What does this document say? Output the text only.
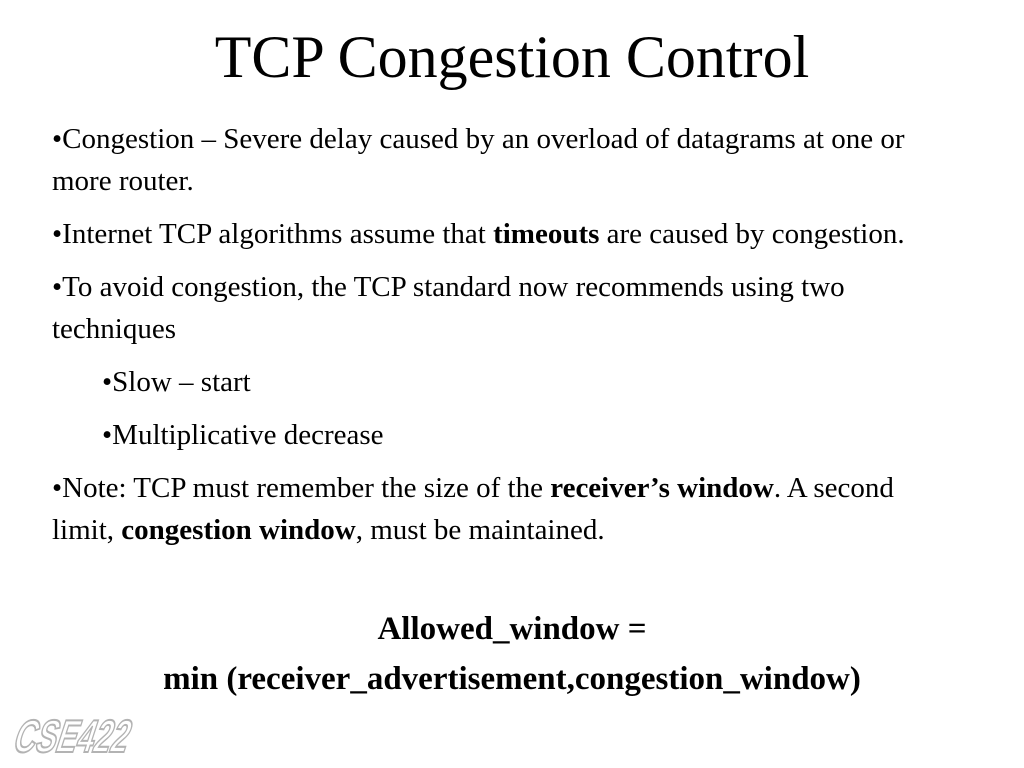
TCP Congestion Control

•Congestion – Severe delay caused by an overload of datagrams at one or more router.

•Internet TCP algorithms assume that timeouts are caused by congestion.

•To avoid congestion, the TCP standard now recommends using two techniques

•Slow – start

•Multiplicative decrease

•Note: TCP must remember the size of the receiver’s window. A second limit, congestion window, must be maintained.

Allowed_window =
min (receiver_advertisement,congestion_window)
CSE422
